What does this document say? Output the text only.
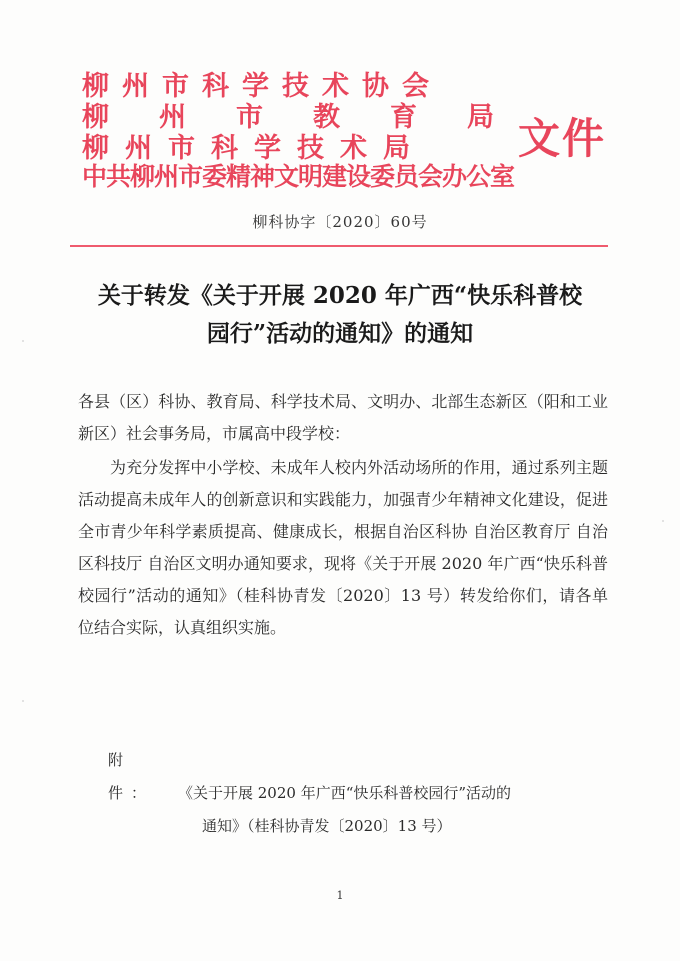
柳州市科学技术协会
柳州市教育局
柳州市科学技术局
中共柳州市委精神文明建设委员会办公室
文件
柳科协字〔2020〕60号
关于转发《关于开展 2020 年广西“快乐科普校
园行”活动的通知》的通知
各县（区）科协、教育局、科学技术局、文明办、北部生态新区（阳和工业新区）社会事务局，市属高中段学校：
为充分发挥中小学校、未成年人校内外活动场所的作用，通过系列主题活动提高未成年人的创新意识和实践能力，加强青少年精神文化建设，促进全市青少年科学素质提高、健康成长，根据自治区科协 自治区教育厅 自治区科技厅 自治区文明办通知要求，现将《关于开展 2020 年广西“快乐科普校园行”活动的通知》（桂科协青发〔2020〕13 号）转发给你们，请各单位结合实际，认真组织实施。
附 件： 《关于开展 2020 年广西“快乐科普校园行”活动的
通知》（桂科协青发〔2020〕13 号）
1
